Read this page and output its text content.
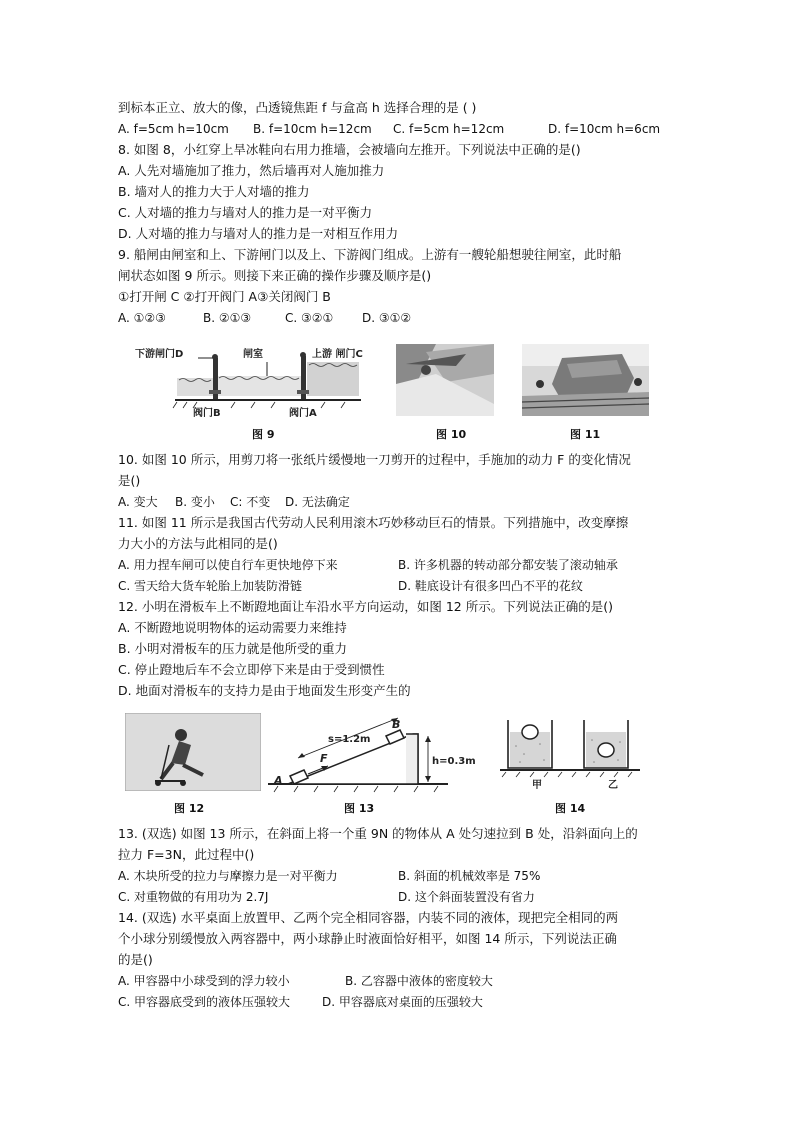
到标本正立、放大的像，凸透镜焦距 f 与盒高 h 选择合理的是 ( )
A. f=5cm h=10cm B. f=10cm h=12cm C. f=5cm h=12cm	D. f=10cm h=6cm
8. 如图 8，小红穿上旱冰鞋向右用力推墙，会被墙向左推开。下列说法中正确的是()
A. 人先对墙施加了推力，然后墙再对人施加推力
B. 墙对人的推力大于人对墙的推力
C. 人对墙的推力与墙对人的推力是一对平衡力
D. 人对墙的推力与墙对人的推力是一对相互作用力
9. 船闸由闸室和上、下游闸门以及上、下游阀门组成。上游有一艘轮船想驶往闸室，此时船
闸状态如图 9 所示。则接下来正确的操作步骤及顺序是()
①打开闸 C ②打开阀门 A③关闭阀门 B
A. ①②③	B. ②①③	C. ③②① D. ③①②
下游闸门D	闸室	上游 闸门C
阀门B	阀门A
图 9	图 10	图 11
10. 如图 10 所示，用剪刀将一张纸片缓慢地一刀剪开的过程中，手施加的动力 F 的变化情况
是()
A. 变大 B. 变小 C: 不变 D. 无法确定
11. 如图 11 所示是我国古代劳动人民利用滚木巧妙移动巨石的情景。下列措施中，改变摩擦
力大小的方法与此相同的是()
A. 用力捏车闸可以使自行车更快地停下来	B. 许多机器的转动部分都安装了滚动轴承
C. 雪天给大货车轮胎上加装防滑链	D. 鞋底设计有很多凹凸不平的花纹
12. 小明在滑板车上不断蹬地面让车沿水平方向运动，如图 12 所示。下列说法正确的是()
A. 不断蹬地说明物体的运动需要力来维持
B. 小明对滑板车的压力就是他所受的重力
C. 停止蹬地后车不会立即停下来是由于受到惯性
D. 地面对滑板车的支持力是由于地面发生形变产生的
图 12
s=1.2m
h=0.3m
A
B
F
图 13
甲	乙
图 14
13. (双选) 如图 13 所示，在斜面上将一个重 9N 的物体从 A 处匀速拉到 B 处，沿斜面向上的
拉力 F=3N，此过程中()
A. 木块所受的拉力与摩擦力是一对平衡力	B. 斜面的机械效率是 75%
C. 对重物做的有用功为 2.7J	D. 这个斜面装置没有省力
14. (双选) 水平桌面上放置甲、乙两个完全相同容器，内装不同的液体，现把完全相同的两
个小球分别缓慢放入两容器中，两小球静止时液面恰好相平，如图 14 所示，下列说法正确
的是()
A. 甲容器中小球受到的浮力较小	B. 乙容器中液体的密度较大
C. 甲容器底受到的液体压强较大	D. 甲容器底对桌面的压强较大
